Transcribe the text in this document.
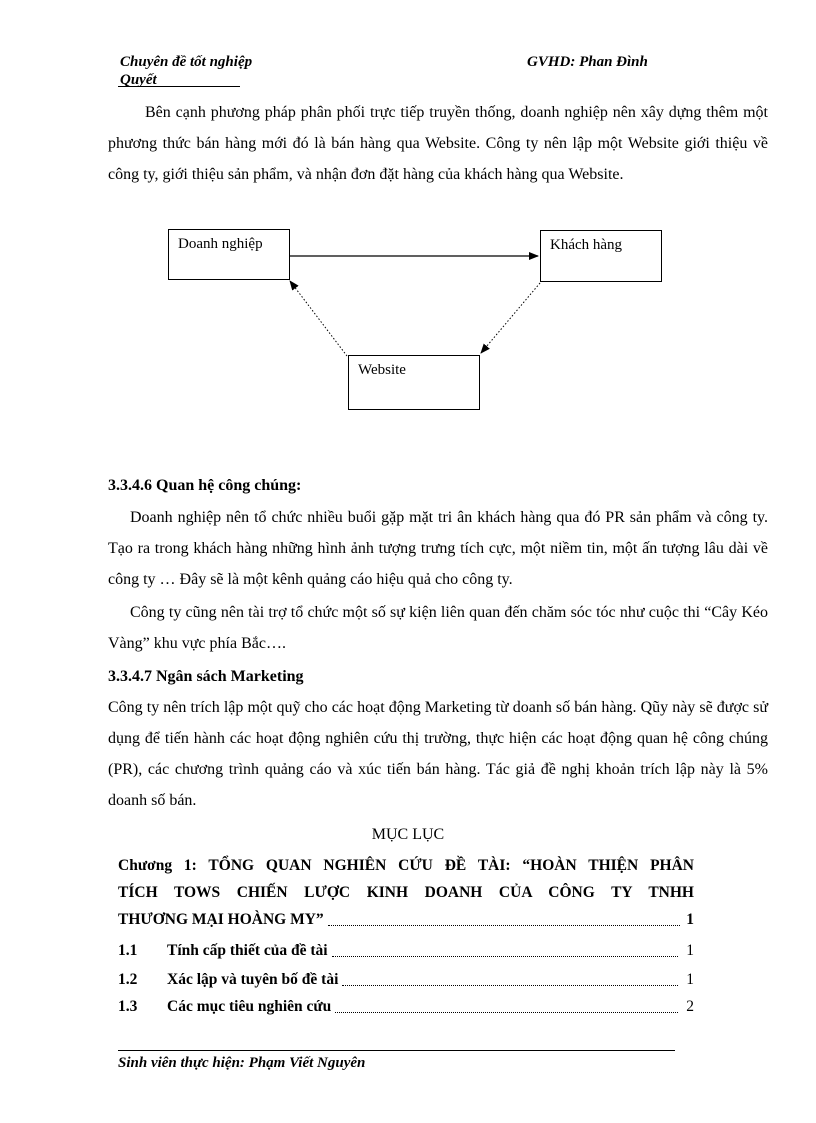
Chuyên đề tốt nghiệp
Quyết
GVHD: Phan Đình
Bên cạnh phương pháp phân phối trực tiếp truyền thống, doanh nghiệp nên xây dựng thêm một phương thức bán hàng mới đó là bán hàng qua Website. Công ty nên lập một Website giới thiệu về công ty, giới thiệu sản phẩm, và nhận đơn đặt hàng của khách hàng qua Website.
Doanh nghiệp	Khách hàng
Website
3.3.4.6 Quan hệ công chúng:
Doanh nghiệp nên tổ chức nhiều buổi gặp mặt tri ân khách hàng qua đó PR sản phẩm và công ty. Tạo ra trong khách hàng những hình ảnh tượng trưng tích cực, một niềm tin, một ấn tượng lâu dài về công ty … Đây sẽ là một kênh quảng cáo hiệu quả cho công ty.
Công ty cũng nên tài trợ tổ chức một số sự kiện liên quan đến chăm sóc tóc như cuộc thi “Cây Kéo Vàng” khu vực phía Bắc….
3.3.4.7 Ngân sách Marketing
Công ty nên trích lập một quỹ cho các hoạt động Marketing từ doanh số bán hàng. Qũy này sẽ được sử dụng để tiến hành các hoạt động nghiên cứu thị trường, thực hiện các hoạt động quan hệ công chúng (PR), các chương trình quảng cáo và xúc tiến bán hàng. Tác giả đề nghị khoản trích lập này là 5% doanh số bán.
MỤC LỤC
Chương 1: TỔNG QUAN NGHIÊN CỨU ĐỀ TÀI: “HOÀN THIỆN PHÂN
TÍCH TOWS CHIẾN LƯỢC KINH DOANH CỦA CÔNG TY TNHH
THƯƠNG MẠI HOÀNG MY”	1
1.1	Tính cấp thiết của đề tài	1
1.2	Xác lập và tuyên bố đề tài	1
1.3	Các mục tiêu nghiên cứu	2
Sinh viên thực hiện: Phạm Viết Nguyên
